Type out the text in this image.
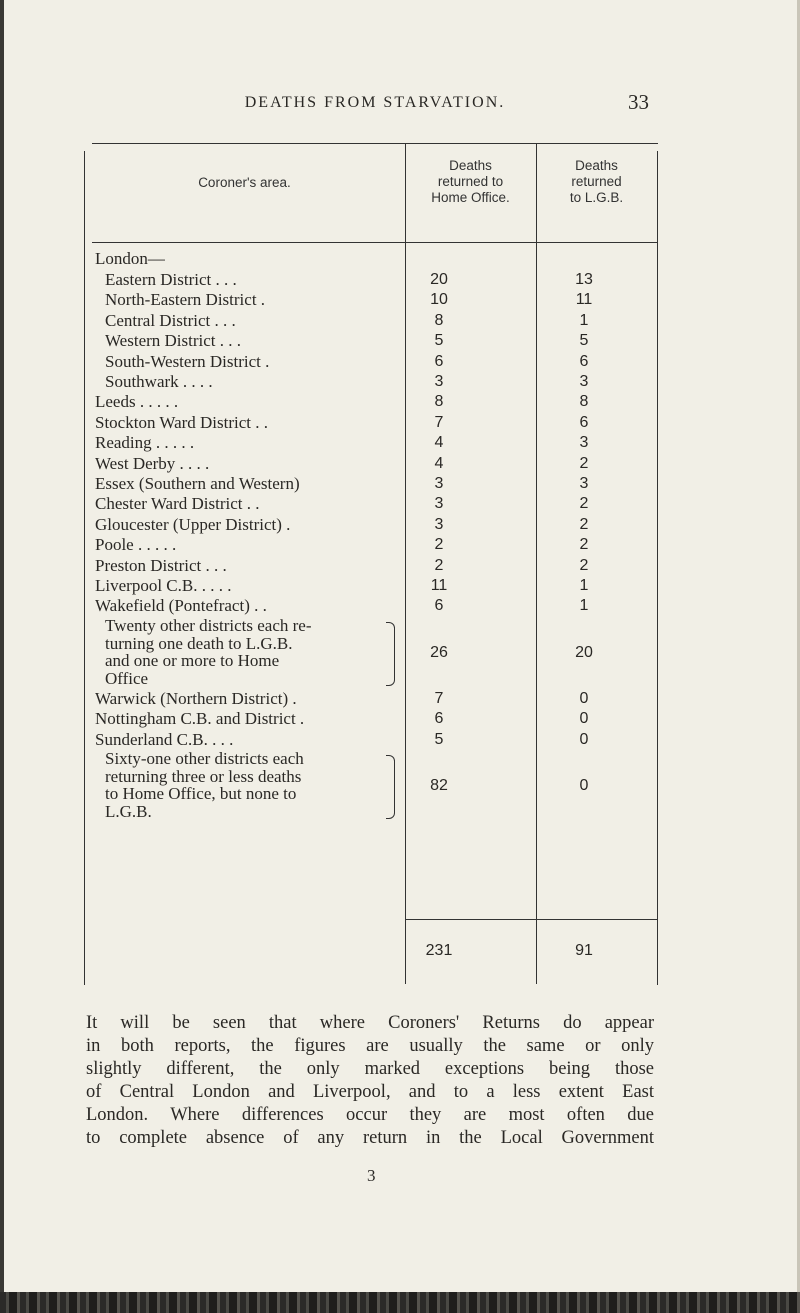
DEATHS FROM STARVATION.	33
Coroner's area.
Deaths
returned to
Home Office.
Deaths
returned
to L.G.B.
London—
Eastern District . . .	20	13
North-Eastern District .	10	11
Central District . . .	8	1
Western District . . .	5	5
South-Western District .	6	6
Southwark . . . .	3	3
Leeds . . . . .	8	8
Stockton Ward District . .	7	6
Reading . . . . .	4	3
West Derby . . . .	4	2
Essex (Southern and Western)	3	3
Chester Ward District . .	3	2
Gloucester (Upper District) .	3	2
Poole . . . . .	2	2
Preston District . . .	2	2
Liverpool C.B. . . . .	11	1
Wakefield (Pontefract) . .	6	1
Twenty other districts each re-
turning one death to L.G.B.
and one or more to Home
Office
26	20
Warwick (Northern District) .	7	0
Nottingham C.B. and District .	6	0
Sunderland C.B. . . .	5	0
Sixty-one other districts each
returning three or less deaths
to Home Office, but none to
L.G.B.
82	0
231	91
It will be seen that where Coroners' Returns do appear
in both reports, the figures are usually the same or only
slightly different, the only marked exceptions being those
of Central London and Liverpool, and to a less extent East
London. Where differences occur they are most often due
to complete absence of any return in the Local Government
3
